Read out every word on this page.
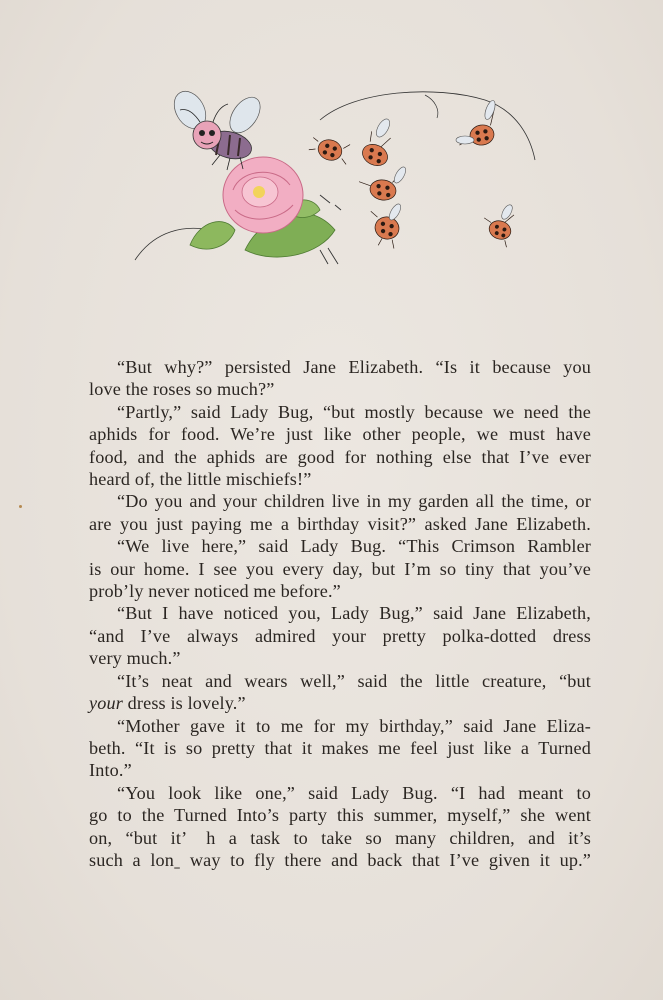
“But why?” persisted Jane Elizabeth. “Is it because you
love the roses so much?”
“Partly,” said Lady Bug, “but mostly because we need the
aphids for food. We’re just like other people, we must have
food, and the aphids are good for nothing else that I’ve ever
heard of, the little mischiefs!”
“Do you and your children live in my garden all the time, or
are you just paying me a birthday visit?” asked Jane Elizabeth.
“We live here,” said Lady Bug. “This Crimson Rambler
is our home. I see you every day, but I’m so tiny that you’ve
prob’ly never noticed me before.”
“But I have noticed you, Lady Bug,” said Jane Elizabeth,
“and I’ve always admired your pretty polka-dotted dress
very much.”
“It’s neat and wears well,” said the little creature, “but
your dress is lovely.”
“Mother gave it to me for my birthday,” said Jane Eliza-
beth. “It is so pretty that it makes me feel just like a Turned
Into.”
“You look like one,” said Lady Bug. “I had meant to
go to the Turned Into’s party this summer, myself,” she went
on, “but it’     h a task to take so many children, and it’s
such a lonˍ way to fly there and back that I’ve given it up.”
